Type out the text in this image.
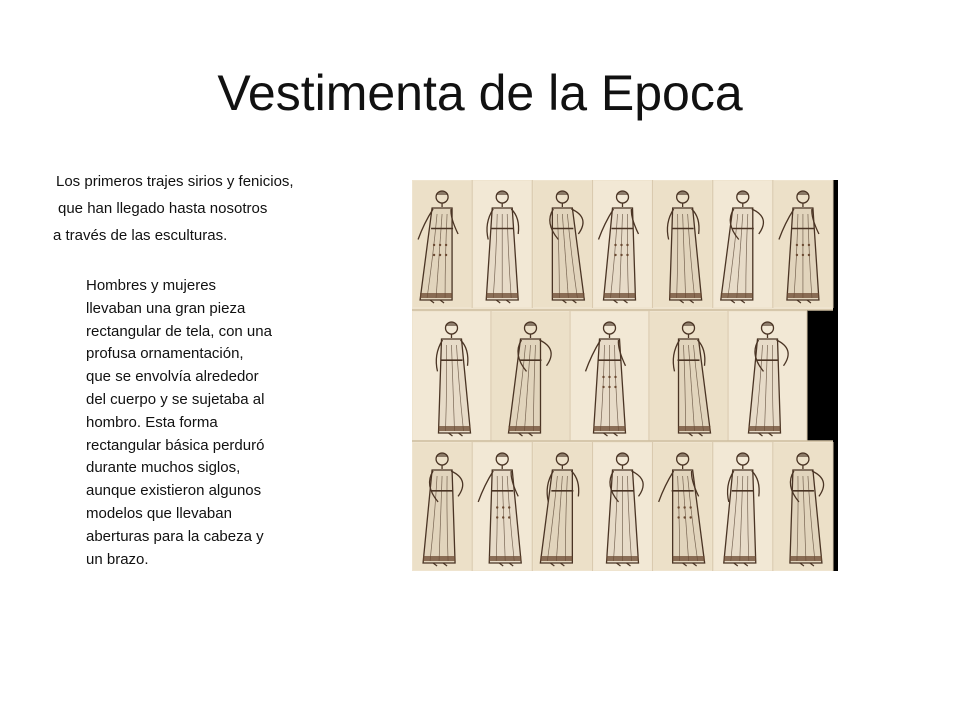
Vestimenta de la Epoca
Los primeros trajes sirios y fenicios,
que han llegado hasta nosotros
a través de las esculturas.
Hombres y mujeres
llevaban una gran pieza
rectangular de tela, con una
profusa ornamentación,
que se envolvía alrededor
del cuerpo y se sujetaba al
hombro. Esta forma
rectangular básica perduró
durante muchos siglos,
aunque existieron algunos
modelos que llevaban
aberturas para la cabeza y
un brazo.
